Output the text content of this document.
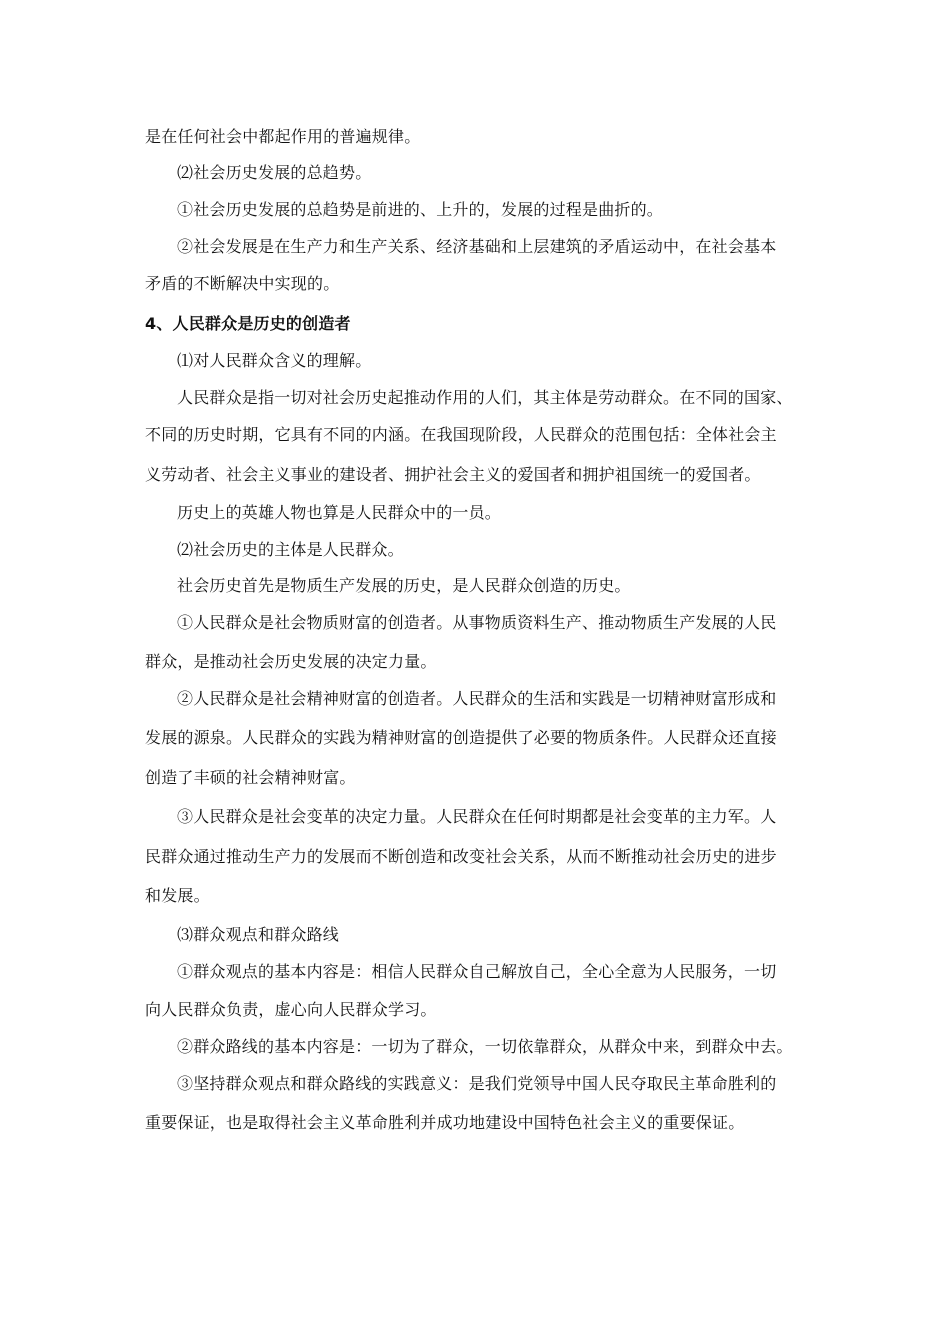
是在任何社会中都起作用的普遍规律。
⑵社会历史发展的总趋势。
①社会历史发展的总趋势是前进的、上升的，发展的过程是曲折的。
②社会发展是在生产力和生产关系、经济基础和上层建筑的矛盾运动中，在社会基本
矛盾的不断解决中实现的。
4、人民群众是历史的创造者
⑴对人民群众含义的理解。
人民群众是指一切对社会历史起推动作用的人们，其主体是劳动群众。在不同的国家、
不同的历史时期，它具有不同的内涵。在我国现阶段，人民群众的范围包括：全体社会主
义劳动者、社会主义事业的建设者、拥护社会主义的爱国者和拥护祖国统一的爱国者。
历史上的英雄人物也算是人民群众中的一员。
⑵社会历史的主体是人民群众。
社会历史首先是物质生产发展的历史，是人民群众创造的历史。
①人民群众是社会物质财富的创造者。从事物质资料生产、推动物质生产发展的人民
群众，是推动社会历史发展的决定力量。
②人民群众是社会精神财富的创造者。人民群众的生活和实践是一切精神财富形成和
发展的源泉。人民群众的实践为精神财富的创造提供了必要的物质条件。人民群众还直接
创造了丰硕的社会精神财富。
③人民群众是社会变革的决定力量。人民群众在任何时期都是社会变革的主力军。人
民群众通过推动生产力的发展而不断创造和改变社会关系，从而不断推动社会历史的进步
和发展。
⑶群众观点和群众路线
①群众观点的基本内容是：相信人民群众自己解放自己，全心全意为人民服务，一切
向人民群众负责，虚心向人民群众学习。
②群众路线的基本内容是：一切为了群众，一切依靠群众，从群众中来，到群众中去。
③坚持群众观点和群众路线的实践意义：是我们党领导中国人民夺取民主革命胜利的
重要保证，也是取得社会主义革命胜利并成功地建设中国特色社会主义的重要保证。
